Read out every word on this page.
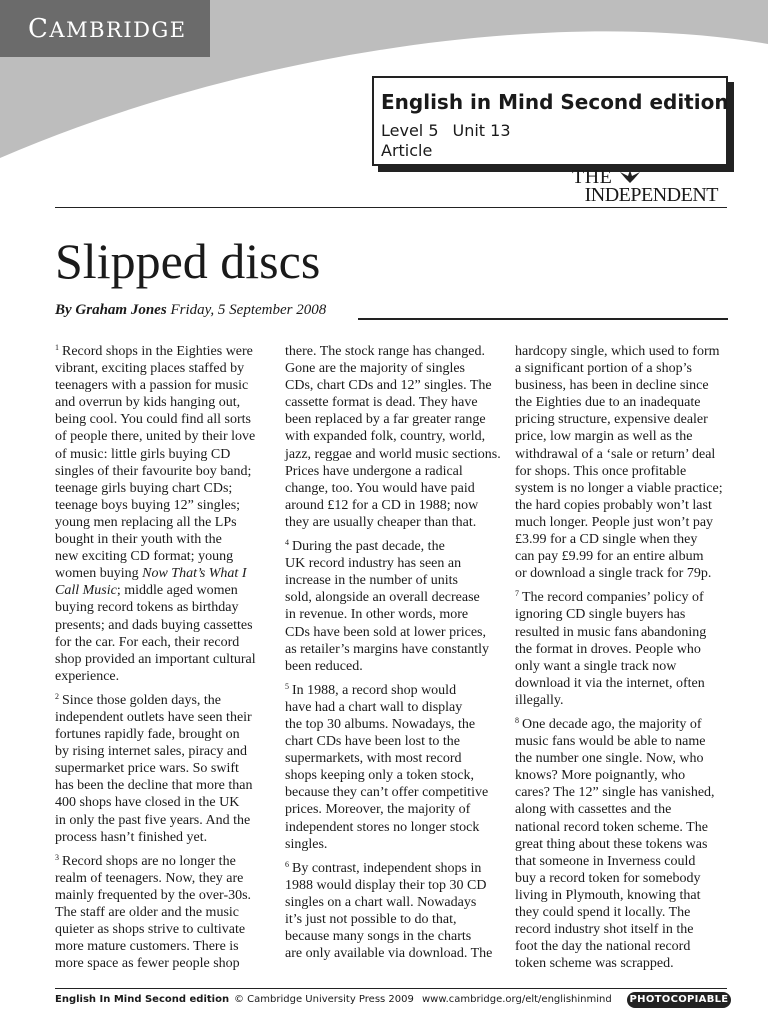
CAMBRIDGE
English in Mind Second edition
Level 5 Unit 13
Article
THE
INDEPENDENT
Slipped discs
By Graham Jones Friday, 5 September 2008

$^1$ Record shops in the Eighties were
vibrant, exciting places staffed by
teenagers with a passion for music
and overrun by kids hanging out,
being cool. You could find all sorts
of people there, united by their love
of music: little girls buying CD
singles of their favourite boy band;
teenage girls buying chart CDs;
teenage boys buying 12” singles;
young men replacing all the LPs
bought in their youth with the
new exciting CD format; young
women buying Now That’s What I
Call Music; middle aged women
buying record tokens as birthday
presents; and dads buying cassettes
for the car. For each, their record
shop provided an important cultural
experience.

$^2$ Since those golden days, the
independent outlets have seen their
fortunes rapidly fade, brought on
by rising internet sales, piracy and
supermarket price wars. So swift
has been the decline that more than
400 shops have closed in the UK
in only the past five years. And the
process hasn’t finished yet.

$^3$ Record shops are no longer the
realm of teenagers. Now, they are
mainly frequented by the over-30s.
The staff are older and the music
quieter as shops strive to cultivate
more mature customers. There is
more space as fewer people shop

there. The stock range has changed.
Gone are the majority of singles
CDs, chart CDs and 12” singles. The
cassette format is dead. They have
been replaced by a far greater range
with expanded folk, country, world,
jazz, reggae and world music sections.
Prices have undergone a radical
change, too. You would have paid
around £12 for a CD in 1988; now
they are usually cheaper than that.

$^4$ During the past decade, the
UK record industry has seen an
increase in the number of units
sold, alongside an overall decrease
in revenue. In other words, more
CDs have been sold at lower prices,
as retailer’s margins have constantly
been reduced.

$^5$ In 1988, a record shop would
have had a chart wall to display
the top 30 albums. Nowadays, the
chart CDs have been lost to the
supermarkets, with most record
shops keeping only a token stock,
because they can’t offer competitive
prices. Moreover, the majority of
independent stores no longer stock
singles.

$^6$ By contrast, independent shops in
1988 would display their top 30 CD
singles on a chart wall. Nowadays
it’s just not possible to do that,
because many songs in the charts
are only available via download. The

hardcopy single, which used to form
a significant portion of a shop’s
business, has been in decline since
the Eighties due to an inadequate
pricing structure, expensive dealer
price, low margin as well as the
withdrawal of a ‘sale or return’ deal
for shops. This once profitable
system is no longer a viable practice;
the hard copies probably won’t last
much longer. People just won’t pay
£3.99 for a CD single when they
can pay £9.99 for an entire album
or download a single track for 79p.

$^7$ The record companies’ policy of
ignoring CD single buyers has
resulted in music fans abandoning
the format in droves. People who
only want a single track now
download it via the internet, often
illegally.

$^8$ One decade ago, the majority of
music fans would be able to name
the number one single. Now, who
knows? More poignantly, who
cares? The 12” single has vanished,
along with cassettes and the
national record token scheme. The
great thing about these tokens was
that someone in Inverness could
buy a record token for somebody
living in Plymouth, knowing that
they could spend it locally. The
record industry shot itself in the
foot the day the national record
token scheme was scrapped.

English In Mind Second edition © Cambridge University Press 2009 www.cambridge.org/elt/englishinmind PHOTOCOPIABLE
